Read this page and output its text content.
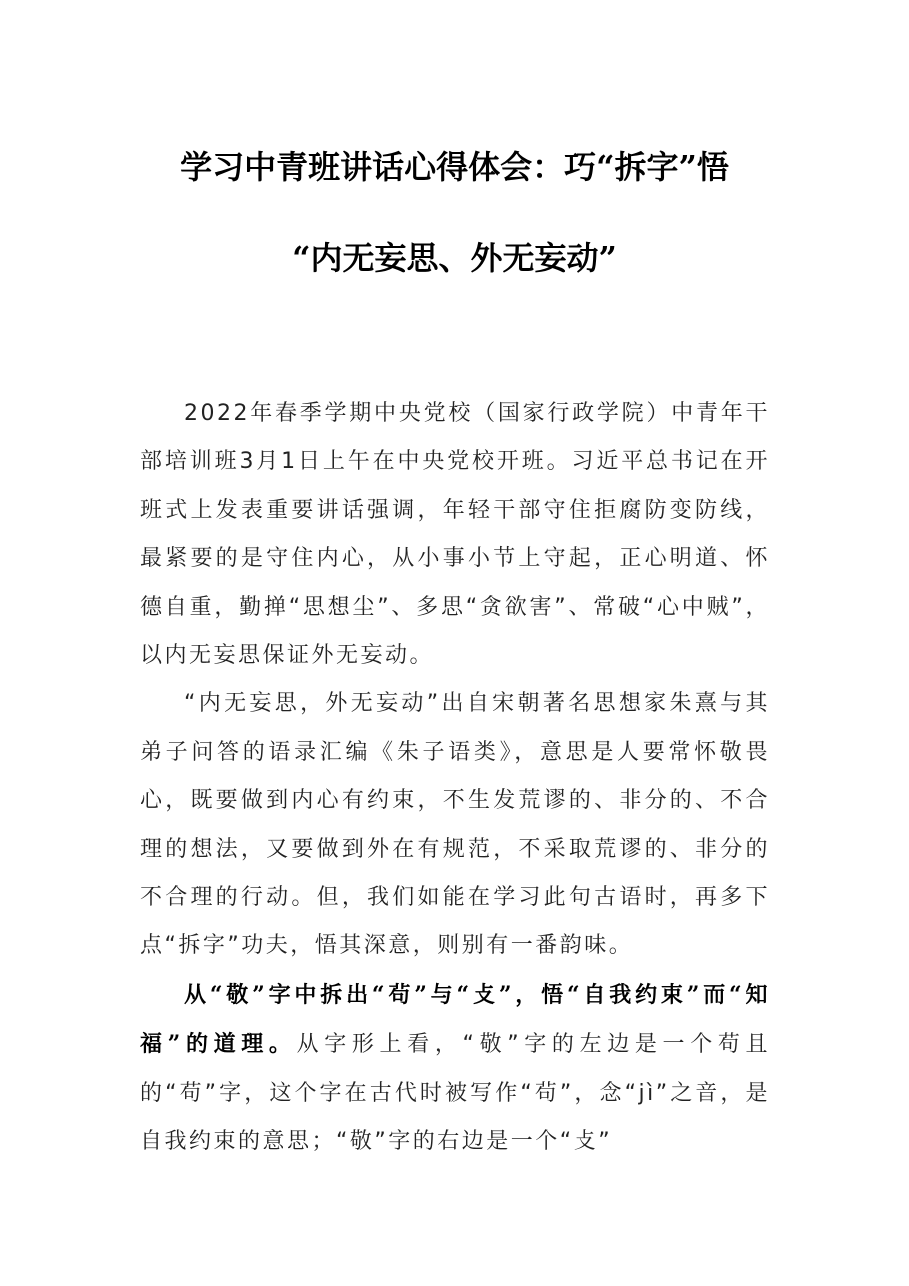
学习中青班讲话心得体会：巧“拆字”悟
“内无妄思、外无妄动”

2022年春季学期中央党校（国家行政学院）中青年干部培训班3月1日上午在中央党校开班。习近平总书记在开班式上发表重要讲话强调，年轻干部守住拒腐防变防线，最紧要的是守住内心，从小事小节上守起，正心明道、怀德自重，勤掸“思想尘”、多思“贪欲害”、常破“心中贼”，以内无妄思保证外无妄动。

“内无妄思，外无妄动”出自宋朝著名思想家朱熹与其弟子问答的语录汇编《朱子语类》，意思是人要常怀敬畏心，既要做到内心有约束，不生发荒谬的、非分的、不合理的想法，又要做到外在有规范，不采取荒谬的、非分的不合理的行动。但，我们如能在学习此句古语时，再多下点“拆字”功夫，悟其深意，则别有一番韵味。

从“敬”字中拆出“茍”与“攴”，悟“自我约束”而“知福”的道理。从字形上看，“敬”字的左边是一个苟且的“苟”字，这个字在古代时被写作“茍”，念“jì”之音，是自我约束的意思；“敬”字的右边是一个“攴”
